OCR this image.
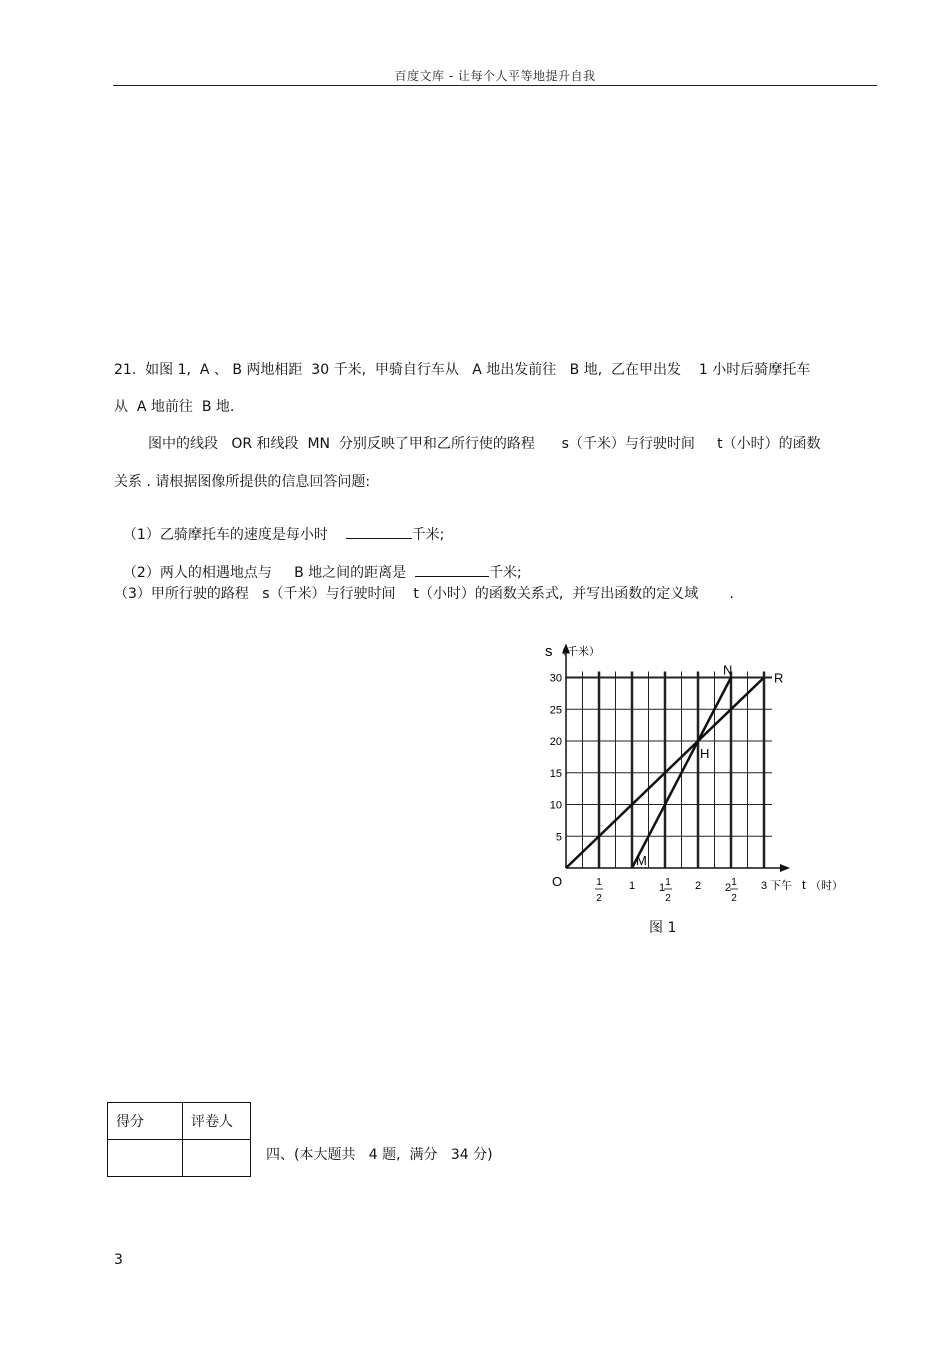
百度文库 - 让每个人平等地提升自我
21.  如图 1,  A 、 B 两地相距  30 千米,  甲骑自行车从   A 地出发前往   B 地,  乙在甲出发    1 小时后骑摩托车
从  A 地前往  B 地.
图中的线段   OR 和线段  MN  分别反映了甲和乙所行使的路程      s（千米）与行驶时间     t（小时）的函数
关系 . 请根据图像所提供的信息回答问题:

（1）乙骑摩托车的速度是每小时	千米;

（2）两人的相遇地点与     B 地之间的距离是	千米;

（3）甲所行驶的路程   s（千米）与行驶时间    t（小时）的函数关系式,  并写出函数的定义域       .
5
10
15
20
25
30
1
2
1 1 1
2
2 2 1
2
3 下午 t （时）
s （千米）
O
N
R
H
M
图 1
得分	评卷人

四、(本大题共   4 题,  满分   34 分)
3
